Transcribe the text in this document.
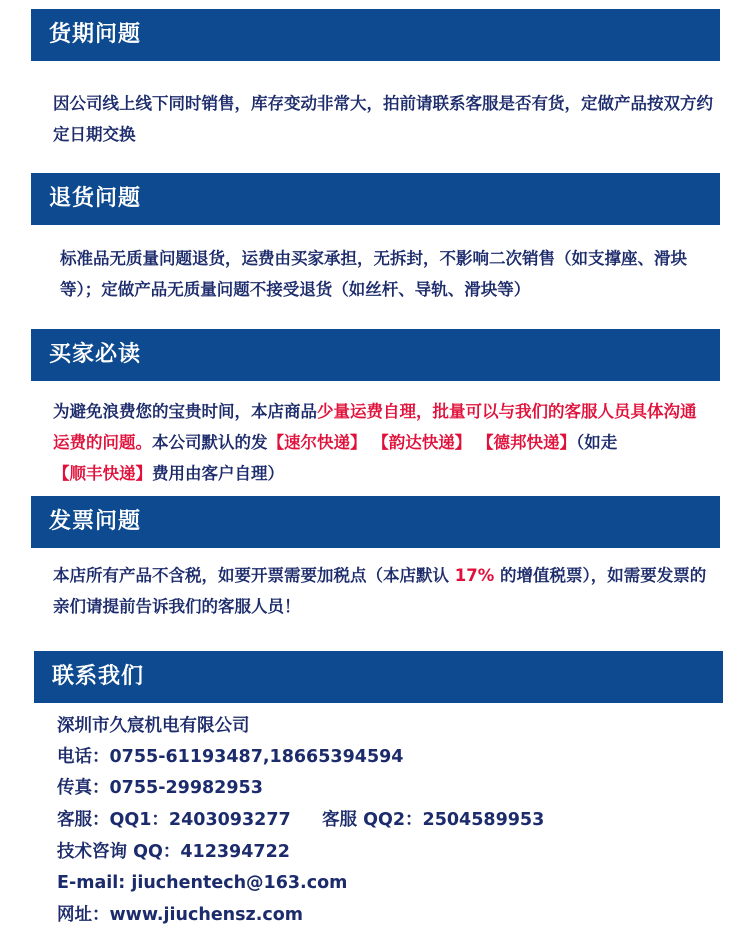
货期问题
因公司线上线下同时销售，库存变动非常大，拍前请联系客服是否有货，定做产品按双方约定日期交换
退货问题
标准品无质量问题退货，运费由买家承担，无拆封，不影响二次销售（如支撑座、滑块等）；定做产品无质量问题不接受退货（如丝杆、导轨、滑块等）
买家必读
为避免浪费您的宝贵时间，本店商品少量运费自理，批量可以与我们的客服人员具体沟通运费的问题。本公司默认的发【速尔快递】 【韵达快递】 【德邦快递】（如走【顺丰快递】费用由客户自理）
发票问题
本店所有产品不含税，如要开票需要加税点（本店默认 17% 的增值税票），如需要发票的亲们请提前告诉我们的客服人员！
联系我们
深圳市久宸机电有限公司
电话：0755-61193487,18665394594
传真：0755-29982953
客服：QQ1：2403093277 客服 QQ2：2504589953
技术咨询 QQ：412394722
E-mail: jiuchentech@163.com
网址：www.jiuchensz.com
